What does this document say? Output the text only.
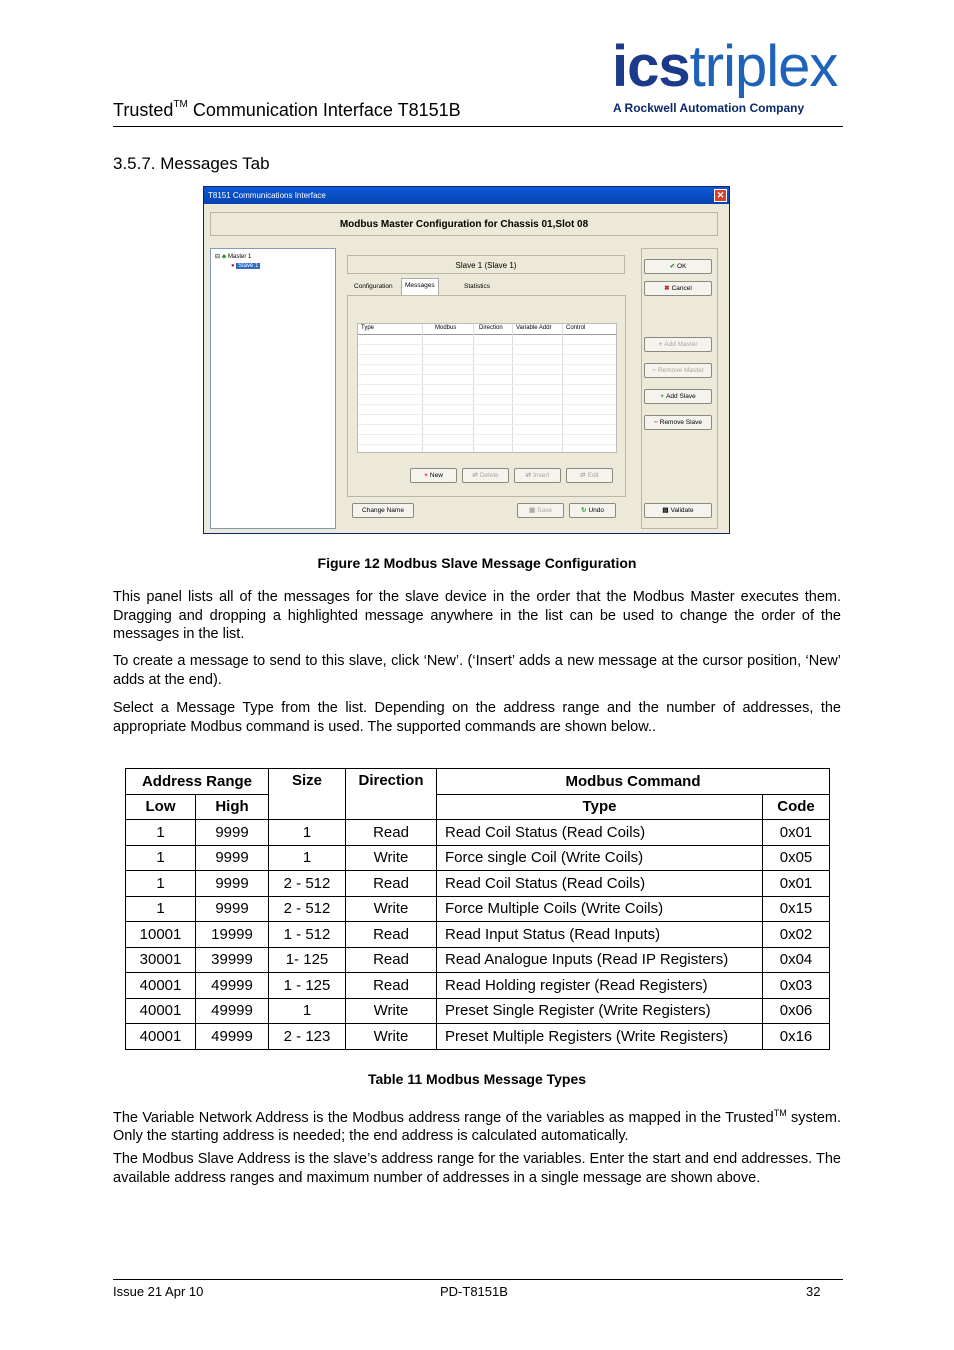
Trusted™ Communication Interface T8151B
icstriplex
A Rockwell Automation Company
3.5.7. Messages Tab
T8151 Communications Interface	✕
Modbus Master Configuration for Chassis 01,Slot 08
⊟ ◆ Master 1
● Slave 1	Slave 1 (Slave 1)
Configuration	Messages	Statistics
Type	Modbus	Direction Variable Addr Control
+ New	⇄ Delete	⇄ Insert	⇄ Edit
Change Name	▣ Save	↻ Undo
✔ OK
✖ Cancel
+ Add Master
− Remove Master
+ Add Slave
− Remove Slave
▤ Validate
Figure 12 Modbus Slave Message Configuration
This panel lists all of the messages for the slave device in the order that the Modbus Master executes them. Dragging and dropping a highlighted message anywhere in the list can be used to change the order of the messages in the list.
To create a message to send to this slave, click ‘New’. (‘Insert’ adds a new message at the cursor position, ‘New’ adds at the end).
Select a Message Type from the list. Depending on the address range and the number of addresses, the appropriate Modbus command is used. The supported commands are shown below..
Address Range		Size	Direction	Modbus Command	
Low	High			Type	Code
1	9999	1	Read	Read Coil Status (Read Coils)	0x01
1	9999	1	Write	Force single Coil (Write Coils)	0x05
1	9999	2 - 512	Read	Read Coil Status (Read Coils)	0x01
1	9999	2 - 512	Write	Force Multiple Coils (Write Coils)	0x15
10001	19999	1 - 512	Read	Read Input Status (Read Inputs)	0x02
30001	39999	1- 125	Read	Read Analogue Inputs (Read IP Registers)	0x04
40001	49999	1 - 125	Read	Read Holding register (Read Registers)	0x03
40001	49999	1	Write	Preset Single Register (Write Registers)	0x06
40001	49999	2 - 123	Write	Preset Multiple Registers (Write Registers)	0x16
Table 11 Modbus Message Types
The Variable Network Address is the Modbus address range of the variables as mapped in the Trusted™ system. Only the starting address is needed; the end address is calculated automatically.
The Modbus Slave Address is the slave’s address range for the variables. Enter the start and end addresses. The available address ranges and maximum number of addresses in a single message are shown above.
Issue 21 Apr 10	PD-T8151B	32
